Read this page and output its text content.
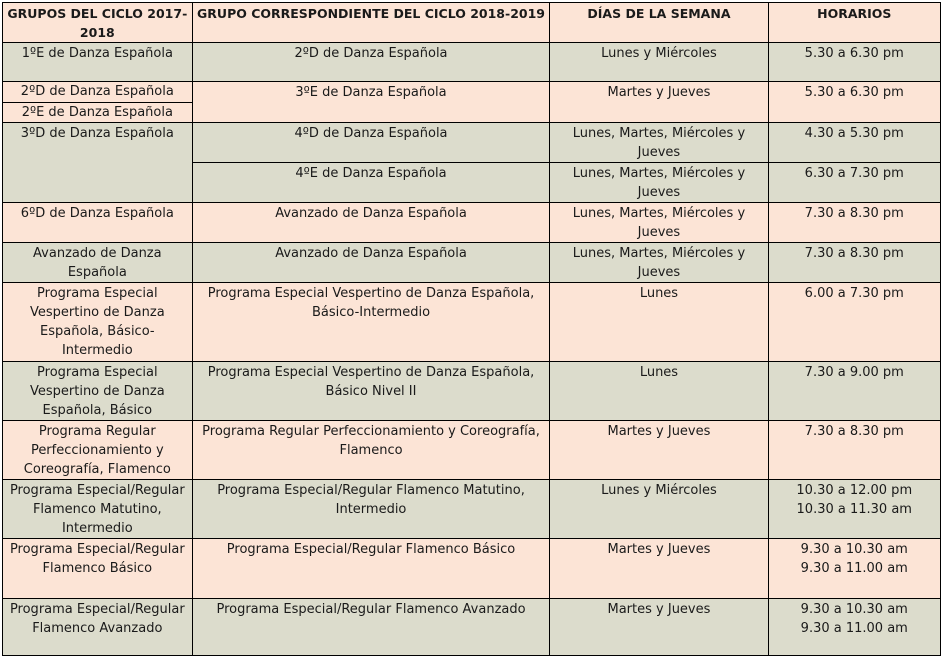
GRUPOS DEL CICLO 2017-2018	GRUPO CORRESPONDIENTE DEL CICLO 2018-2019	DÍAS DE LA SEMANA	HORARIOS
1ºE de Danza Española	2ºD de Danza Española	Lunes y Miércoles	5.30 a 6.30 pm

2ºD de Danza Española	3ºE de Danza Española	Martes y Jueves	5.30 a 6.30 pm

2ºE de Danza Española			
3ºD de Danza Española	4ºD de Danza Española	Lunes, Martes, Miércoles y Jueves	4.30 a 5.30 pm

	4ºE de Danza Española	Lunes, Martes, Miércoles y Jueves	6.30 a 7.30 pm

6ºD de Danza Española	Avanzado de Danza Española	Lunes, Martes, Miércoles y Jueves	7.30 a 8.30 pm

Avanzado de Danza Española	Avanzado de Danza Española	Lunes, Martes, Miércoles y Jueves	7.30 a 8.30 pm

Programa Especial Vespertino de Danza Española, Básico-Intermedio	Programa Especial Vespertino de Danza Española, Básico-Intermedio	Lunes	6.00 a 7.30 pm

Programa Especial Vespertino de Danza Española, Básico	Programa Especial Vespertino de Danza Española, Básico Nivel II	Lunes	7.30 a 9.00 pm

Programa Regular Perfeccionamiento y Coreografía, Flamenco	Programa Regular Perfeccionamiento y Coreografía, Flamenco	Martes y Jueves	7.30 a 8.30 pm

Programa Especial/Regular Flamenco Matutino, Intermedio	Programa Especial/Regular Flamenco Matutino, Intermedio	Lunes y Miércoles	10.30 a 12.00 pm
10.30 a 11.30 am

Programa Especial/Regular Flamenco Básico	Programa Especial/Regular Flamenco Básico	Martes y Jueves	9.30 a 10.30 am
9.30 a 11.00 am

Programa Especial/Regular Flamenco Avanzado	Programa Especial/Regular Flamenco Avanzado	Martes y Jueves	9.30 a 10.30 am
9.30 a 11.00 am
